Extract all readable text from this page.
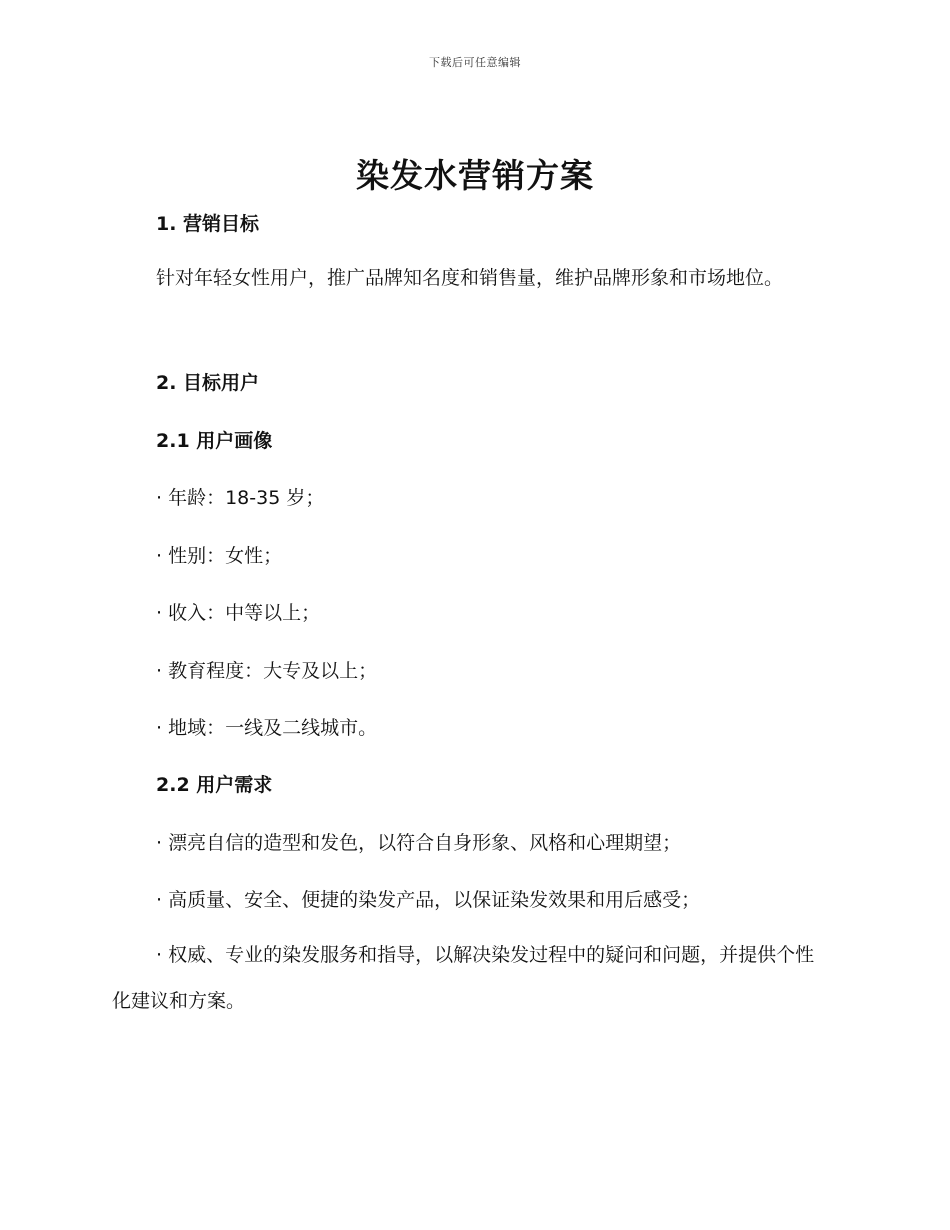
下载后可任意编辑
染发水营销方案
1. 营销目标

针对年轻女性用户，推广品牌知名度和销售量，维护品牌形象和市场地位。

2. 目标用户
2.1 用户画像

· 年龄：18-35 岁；

· 性别：女性；

· 收入：中等以上；

· 教育程度：大专及以上；

· 地域：一线及二线城市。

2.2 用户需求

· 漂亮自信的造型和发色，以符合自身形象、风格和心理期望；

· 高质量、安全、便捷的染发产品，以保证染发效果和用后感受；

· 权威、专业的染发服务和指导，以解决染发过程中的疑问和问题，并提供个性化建议和方案。
